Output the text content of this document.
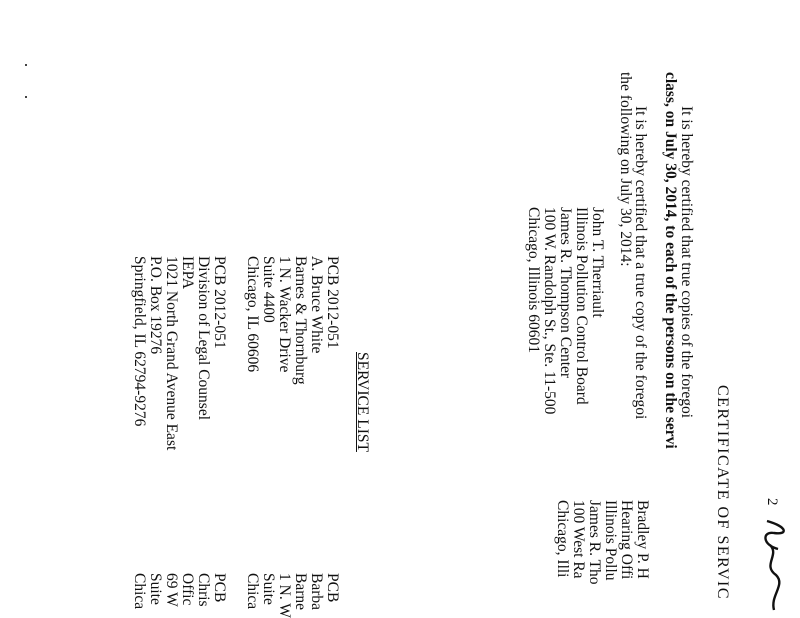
2
CERTIFICATE OF SERVIC
It is hereby certified that true copies of the foregoi
class, on July 30, 2014, to each of the persons on the servi
It is hereby certified that a true copy of the foregoi
the following on July 30, 2014:
John T. Therriault
Illinois Pollution Control Board
James R. Thompson Center
100 W. Randolph St., Ste. 11-500
Chicago, Illinois 60601
Bradley P. H
Hearing Offi
Illinois Pollu
James R. Tho
100 West Ra
Chicago, Illi
SERVICE LIST
PCB 2012-051
A. Bruce White
Barnes & Thornburg
1 N. Wacker Drive
Suite 4400
Chicago, IL 60606
PCB 2012-051
Division of Legal Counsel
IEPA
1021 North Grand Avenue East
P.O. Box 19276
Springfield, IL 62794-9276
PCB
Barba
Barne
1 N. W
Suite
Chica
PCB
Chris
Offic
69 W
Suite
Chica
